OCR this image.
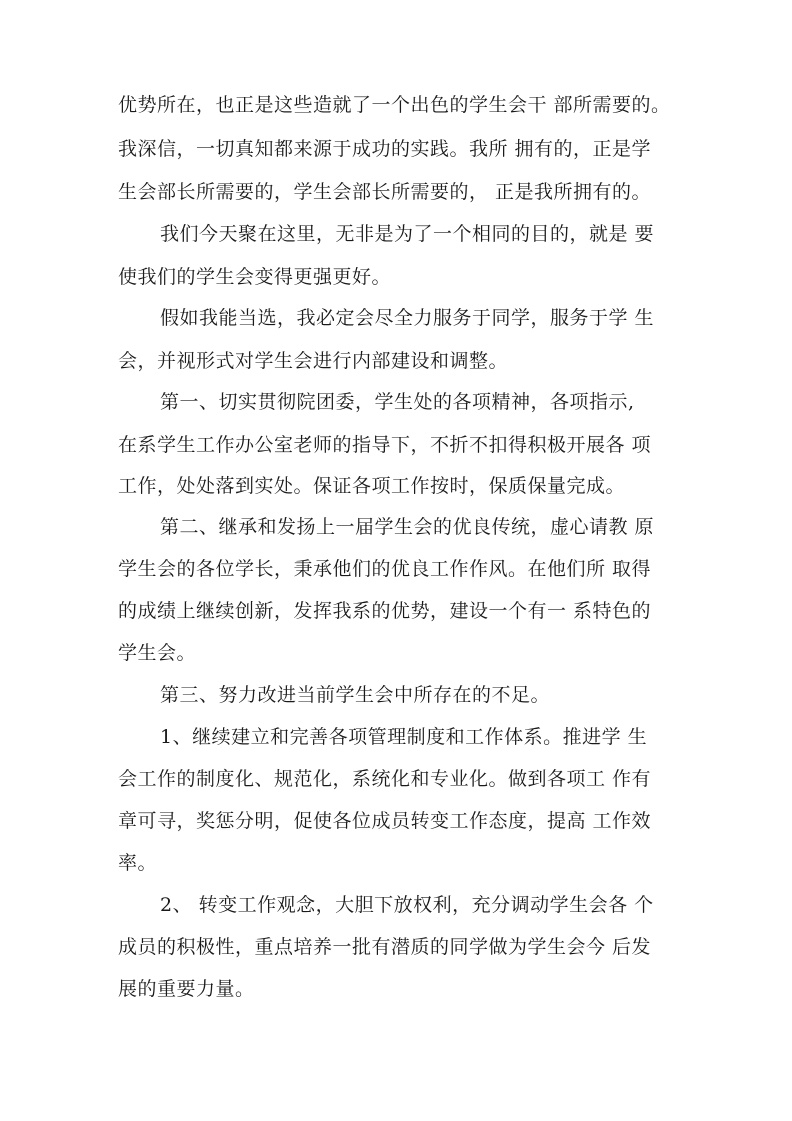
优势所在，也正是这些造就了一个出色的学生会干 部所需要的。
我深信，一切真知都来源于成功的实践。我所 拥有的，正是学
生会部长所需要的，学生会部长所需要的， 正是我所拥有的。
我们今天聚在这里，无非是为了一个相同的目的，就是 要
使我们的学生会变得更强更好。
假如我能当选，我必定会尽全力服务于同学，服务于学 生
会，并视形式对学生会进行内部建设和调整。
第一、切实贯彻院团委，学生处的各项精神，各项指示,
在系学生工作办公室老师的指导下，不折不扣得积极开展各 项
工作，处处落到实处。保证各项工作按时，保质保量完成。
第二、继承和发扬上一届学生会的优良传统，虚心请教 原
学生会的各位学长，秉承他们的优良工作作风。在他们所 取得
的成绩上继续创新，发挥我系的优势，建设一个有一 系特色的
学生会。
第三、努力改进当前学生会中所存在的不足。
1、继续建立和完善各项管理制度和工作体系。推进学 生
会工作的制度化、规范化，系统化和专业化。做到各项工 作有
章可寻，奖惩分明，促使各位成员转变工作态度，提高 工作效
率。
2、 转变工作观念，大胆下放权利，充分调动学生会各 个
成员的积极性，重点培养一批有潜质的同学做为学生会今 后发
展的重要力量。
